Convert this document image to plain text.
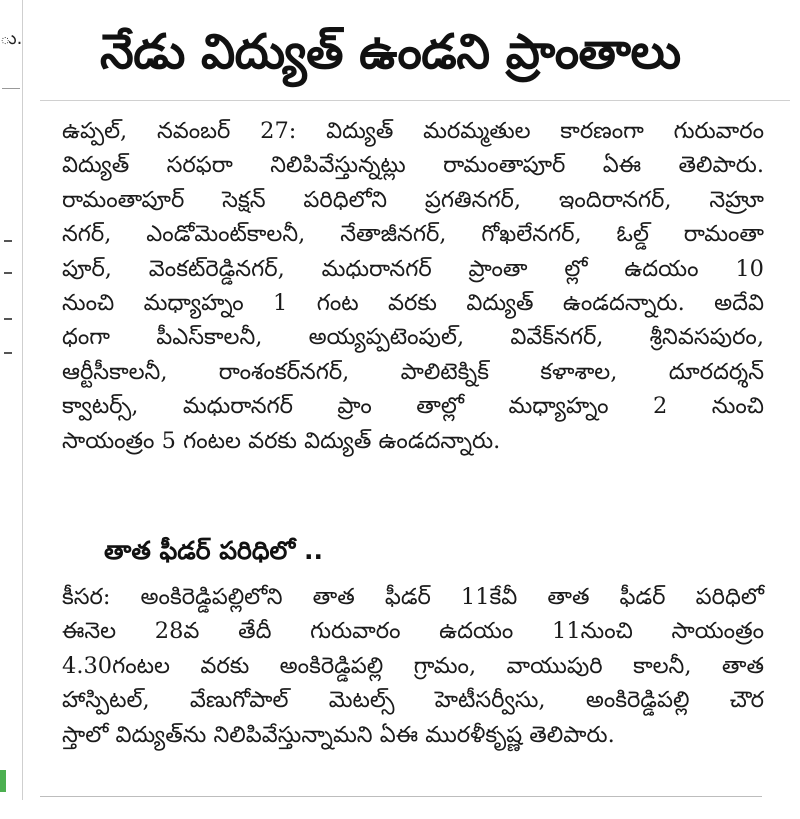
ు. నేడు విద్యుత్ ఉండని ప్రాంతాలు
ఉప్పల్, నవంబర్ 27: విద్యుత్ మరమ్మతుల కారణంగా గురువారం
విద్యుత్ సరఫరా నిలిపివేస్తున్నట్లు రామంతాపూర్ ఏఈ తెలిపారు.
రామంతాపూర్ సెక్షన్ పరిధిలోని ప్రగతినగర్, ఇందిరానగర్, నెహ్రూ
నగర్, ఎండోమెంట్‌కాలనీ, నేతాజీనగర్, గోఖలేనగర్, ఓల్డ్ రామంతా
పూర్, వెంకట్‌రెడ్డినగర్, మధురానగర్ ప్రాంతా ల్లో ఉదయం 10
నుంచి మధ్యాహ్నం 1 గంట వరకు విద్యుత్ ఉండదన్నారు. అదేవి
ధంగా పీఎస్‌కాలనీ, అయ్యప్పటెంపుల్, వివేక్‌నగర్, శ్రీనివసపురం,
ఆర్టీసీకాలనీ, రాంశంకర్‌నగర్, పాలిటెక్నిక్ కళాశాల, దూరదర్శన్
క్వాటర్స్, మధురానగర్ ప్రాం తాల్లో మధ్యాహ్నం 2 నుంచి
సాయంత్రం 5 గంటల వరకు విద్యుత్ ఉండదన్నారు.
తాత ఫీడర్ పరిధిలో ..
కీసర: అంకిరెడ్డిపల్లిలోని తాత ఫీడర్ 11కేవీ తాత ఫీడర్ పరిధిలో
ఈనెల 28వ తేదీ గురువారం ఉదయం 11నుంచి సాయంత్రం
4.30గంటల వరకు అంకిరెడ్డిపల్లి గ్రామం, వాయుపురి కాలనీ, తాత
హాస్పిటల్, వేణుగోపాల్ మెటల్స్ హెటీసర్వీసు, అంకిరెడ్డిపల్లి చౌర
స్తాలో విద్యుత్‌ను నిలిపివేస్తున్నామని ఏఈ మురళీకృష్ణ తెలిపారు.
